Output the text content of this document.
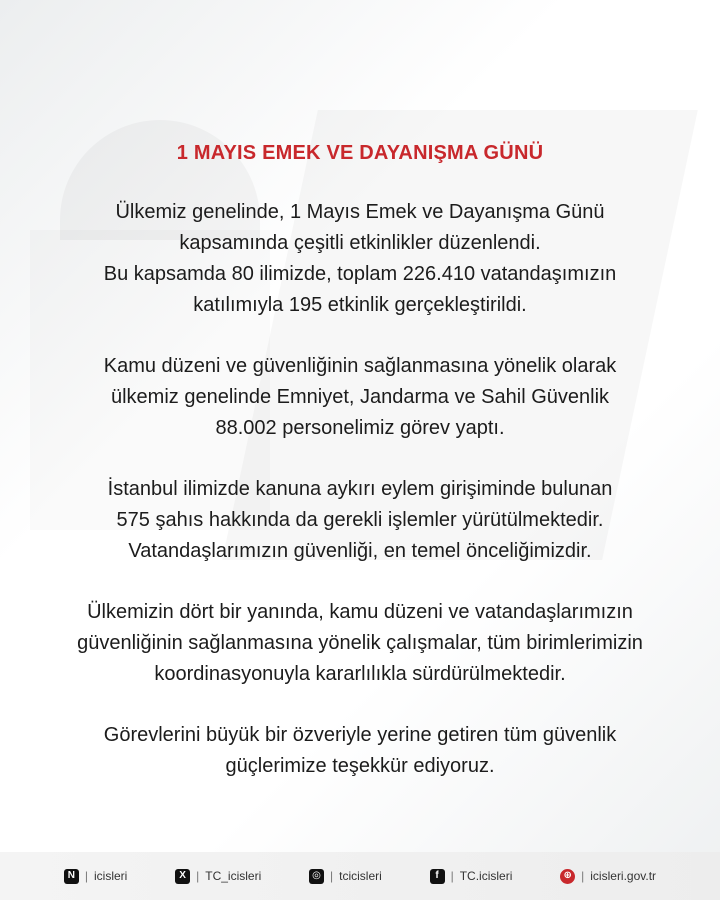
1 MAYIS EMEK VE DAYANIŞMA GÜNÜ

Ülkemiz genelinde, 1 Mayıs Emek ve Dayanışma Günü
kapsamında çeşitli etkinlikler düzenlendi.
Bu kapsamda 80 ilimizde, toplam 226.410 vatandaşımızın
katılımıyla 195 etkinlik gerçekleştirildi.

Kamu düzeni ve güvenliğinin sağlanmasına yönelik olarak
ülkemiz genelinde Emniyet, Jandarma ve Sahil Güvenlik
88.002 personelimiz görev yaptı.

İstanbul ilimizde kanuna aykırı eylem girişiminde bulunan
575 şahıs hakkında da gerekli işlemler yürütülmektedir.
Vatandaşlarımızın güvenliği, en temel önceliğimizdir.

Ülkemizin dört bir yanında, kamu düzeni ve vatandaşlarımızın
güvenliğinin sağlanmasına yönelik çalışmalar, tüm birimlerimizin
koordinasyonuyla kararlılıkla sürdürülmektedir.

Görevlerini büyük bir özveriyle yerine getiren tüm güvenlik
güçlerimize teşekkür ediyoruz.

N | icisleri	X | TC_icisleri	◎ | tcicisleri	f | TC.icisleri	⊕ | icisleri.gov.tr
